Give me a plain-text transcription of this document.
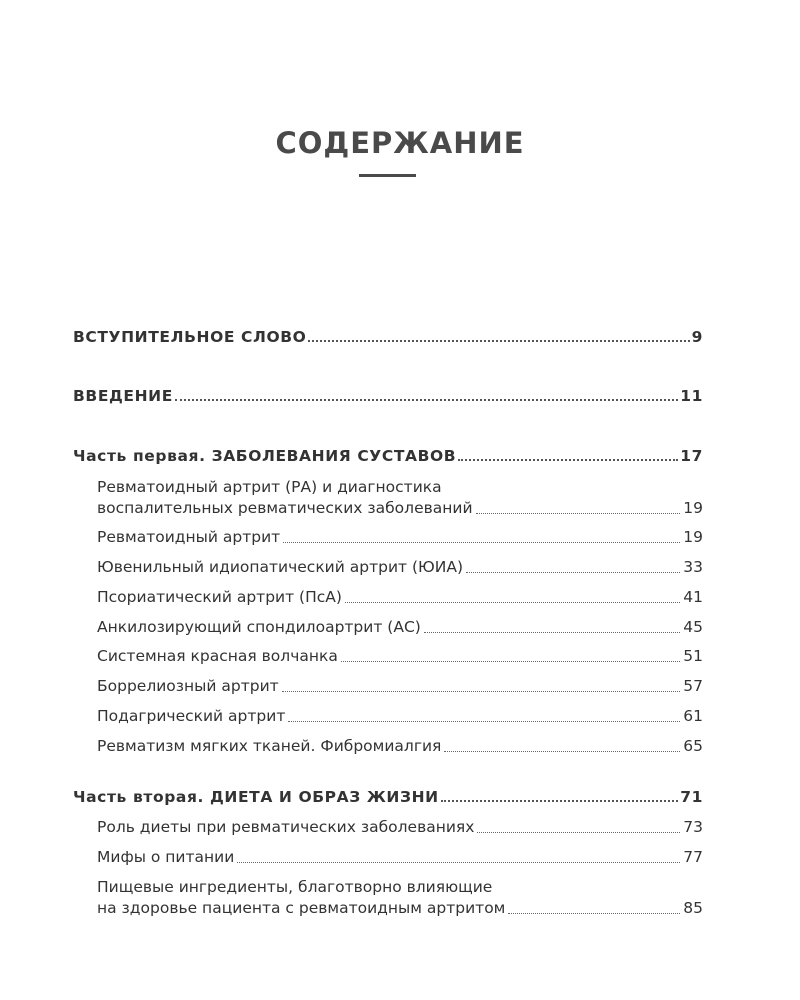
СОДЕРЖАНИЕ
ВСТУПИТЕЛЬНОЕ СЛОВО	9
ВВЕДЕНИЕ	11
Часть первая. ЗАБОЛЕВАНИЯ СУСТАВОВ	17
Ревматоидный артрит (РА) и диагностика
воспалительных ревматических заболеваний	19
Ревматоидный артрит	19
Ювенильный идиопатический артрит (ЮИА)	33
Псориатический артрит (ПсА)	41
Анкилозирующий спондилоартрит (АС)	45
Системная красная волчанка	51
Боррелиозный артрит	57
Подагрический артрит	61
Ревматизм мягких тканей. Фибромиалгия	65
Часть вторая. ДИЕТА И ОБРАЗ ЖИЗНИ	71
Роль диеты при ревматических заболеваниях	73
Мифы о питании	77
Пищевые ингредиенты, благотворно влияющие
на здоровье пациента с ревматоидным артритом	85
